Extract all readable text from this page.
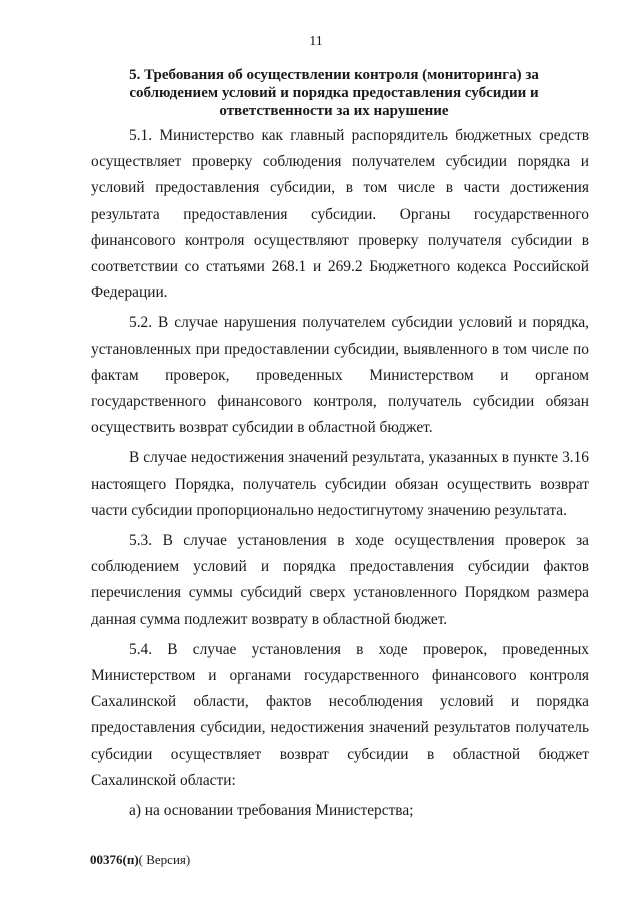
11
5. Требования об осуществлении контроля (мониторинга) за соблюдением условий и порядка предоставления субсидии и ответственности за их нарушение

5.1. Министерство как главный распорядитель бюджетных средств осуществляет проверку соблюдения получателем субсидии порядка и условий предоставления субсидии, в том числе в части достижения результата предоставления субсидии. Органы государственного финансового контроля осуществляют проверку получателя субсидии в соответствии со статьями 268.1 и 269.2 Бюджетного кодекса Российской Федерации.

5.2. В случае нарушения получателем субсидии условий и порядка, установленных при предоставлении субсидии, выявленного в том числе по фактам проверок, проведенных Министерством и органом государственного финансового контроля, получатель субсидии обязан осуществить возврат субсидии в областной бюджет.

В случае недостижения значений результата, указанных в пункте 3.16 настоящего Порядка, получатель субсидии обязан осуществить возврат части субсидии пропорционально недостигнутому значению результата.

5.3. В случае установления в ходе осуществления проверок за соблюдением условий и порядка предоставления субсидии фактов перечисления суммы субсидий сверх установленного Порядком размера данная сумма подлежит возврату в областной бюджет.

5.4. В случае установления в ходе проверок, проведенных Министерством и органами государственного финансового контроля Сахалинской области, фактов несоблюдения условий и порядка предоставления субсидии, недостижения значений результатов получатель субсидии осуществляет возврат субсидии в областной бюджет Сахалинской области:

а) на основании требования Министерства;

00376(п)( Версия)
